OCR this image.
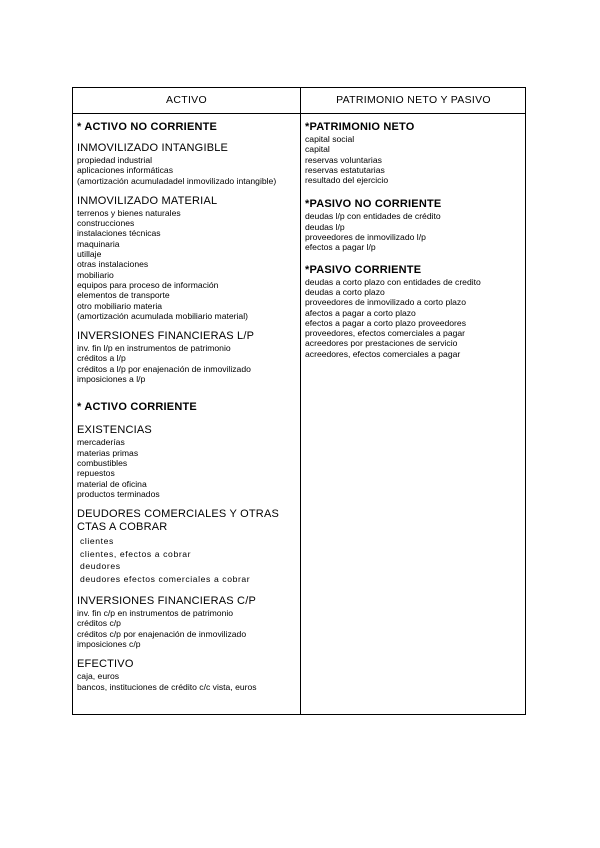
ACTIVO	PATRIMONIO NETO Y PASIVO
* ACTIVO NO CORRIENTE
INMOVILIZADO INTANGIBLE
propiedad industrial
aplicaciones informáticas
(amortización acumuladadel inmovilizado intangible)
INMOVILIZADO MATERIAL
terrenos y bienes naturales
construcciones
instalaciones técnicas
maquinaria
utillaje
otras instalaciones
mobiliario
equipos para proceso de información
elementos de transporte
otro mobiliario materia
(amortización acumulada mobiliario material)
INVERSIONES FINANCIERAS L/P
inv. fin l/p en instrumentos de patrimonio
créditos a l/p
créditos a l/p por enajenación de inmovilizado
imposiciones a l/p
* ACTIVO CORRIENTE
EXISTENCIAS
mercaderías
materias primas
combustibles
repuestos
material de oficina
productos terminados
DEUDORES COMERCIALES Y OTRAS
CTAS A COBRAR
clientes
clientes, efectos a cobrar
deudores
deudores efectos comerciales a cobrar
INVERSIONES FINANCIERAS C/P
inv. fin c/p en instrumentos de patrimonio
créditos c/p
créditos c/p por enajenación de inmovilizado
imposiciones c/p
EFECTIVO
caja, euros
bancos, instituciones de crédito c/c vista, euros
*PATRIMONIO NETO
capital social
capital
reservas voluntarias
reservas estatutarias
resultado del ejercicio
*PASIVO NO CORRIENTE
deudas l/p con entidades de crédito
deudas l/p
proveedores de inmovilizado l/p
efectos a pagar l/p
*PASIVO CORRIENTE
deudas a corto plazo con entidades de credito
deudas a corto plazo
proveedores de inmovilizado a corto plazo
afectos a pagar a corto plazo
efectos a pagar a corto plazo proveedores
proveedores, efectos comerciales a pagar
acreedores por prestaciones de servicio
acreedores, efectos comerciales a pagar
